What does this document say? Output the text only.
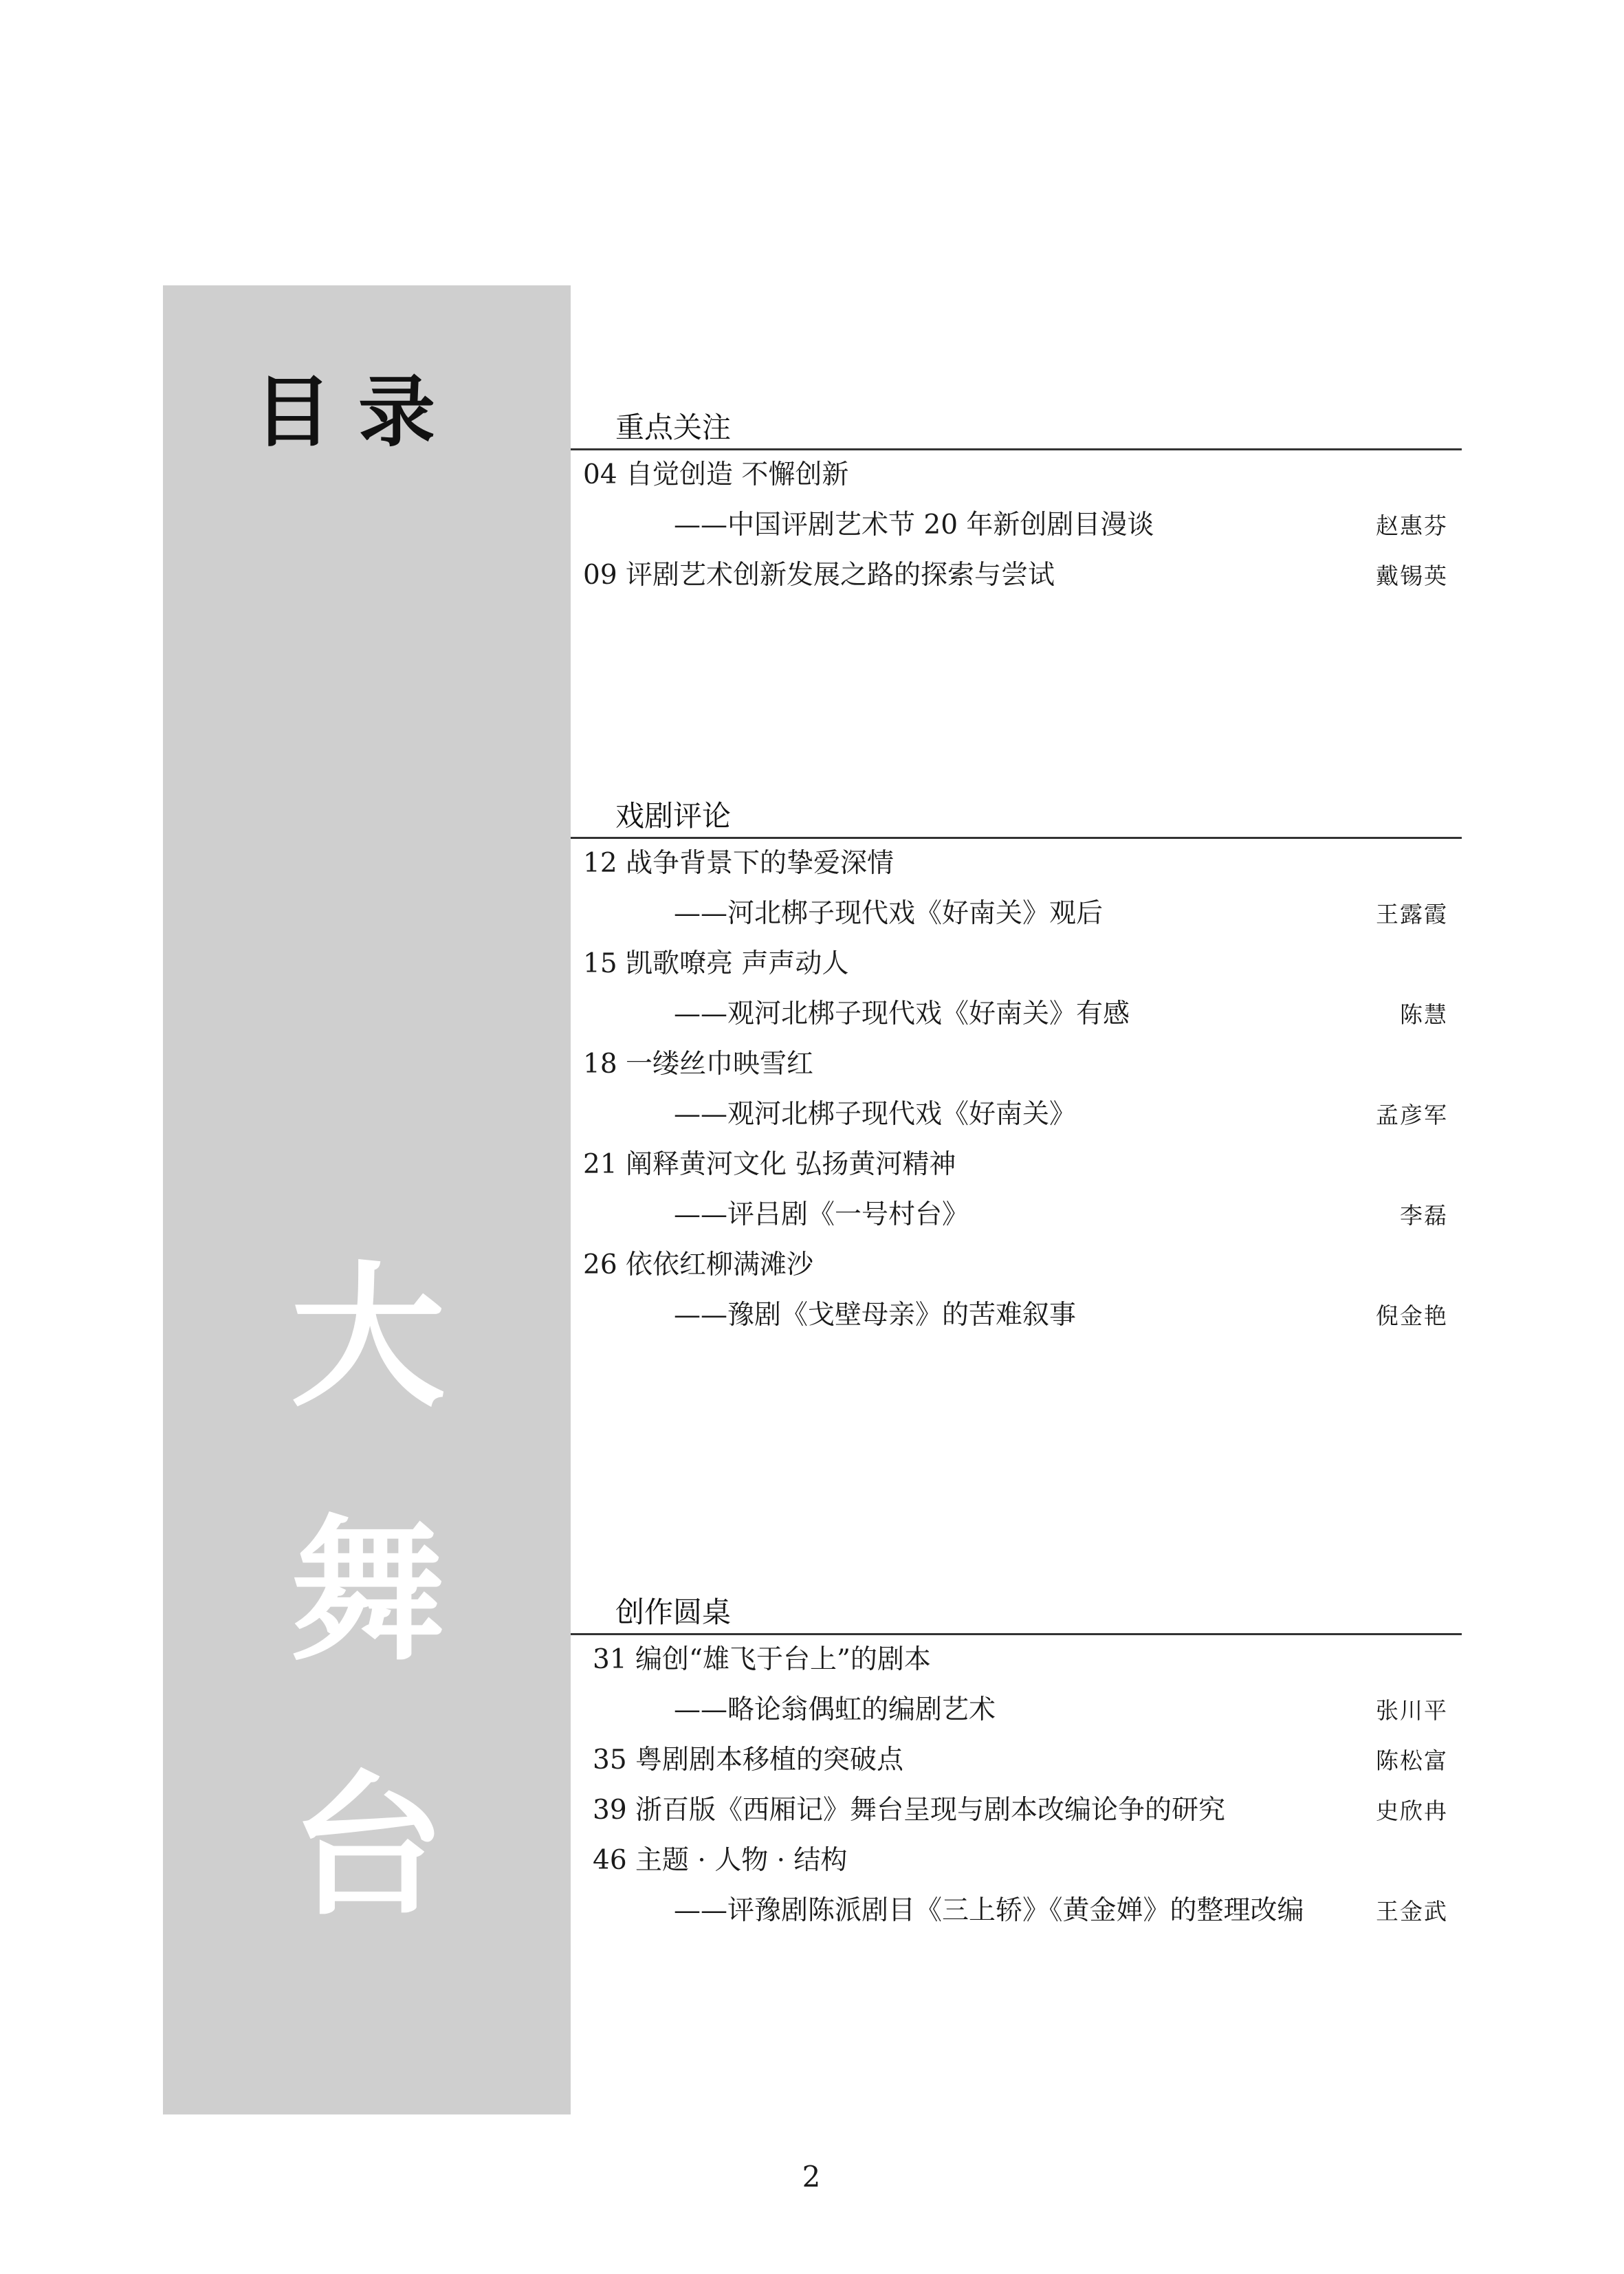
目 录
大舞台
重点关注
04 自觉创造 不懈创新
——中国评剧艺术节 20 年新创剧目漫谈	赵惠芬
09 评剧艺术创新发展之路的探索与尝试	戴锡英
戏剧评论
12 战争背景下的挚爱深情
——河北梆子现代戏《好南关》观后	王露霞
15 凯歌嘹亮 声声动人
——观河北梆子现代戏《好南关》有感	陈慧
18 一缕丝巾映雪红
——观河北梆子现代戏《好南关》	孟彦军
21 阐释黄河文化 弘扬黄河精神
——评吕剧《一号村台》	李磊
26 依依红柳满滩沙
——豫剧《戈壁母亲》的苦难叙事	倪金艳
创作圆桌
31 编创“雄飞于台上”的剧本
——略论翁偶虹的编剧艺术	张川平
35 粤剧剧本移植的突破点	陈松富
39 浙百版《西厢记》舞台呈现与剧本改编论争的研究	史欣冉
46 主题 · 人物 · 结构
——评豫剧陈派剧目《三上轿》《黄金婵》的整理改编	王金武
2
